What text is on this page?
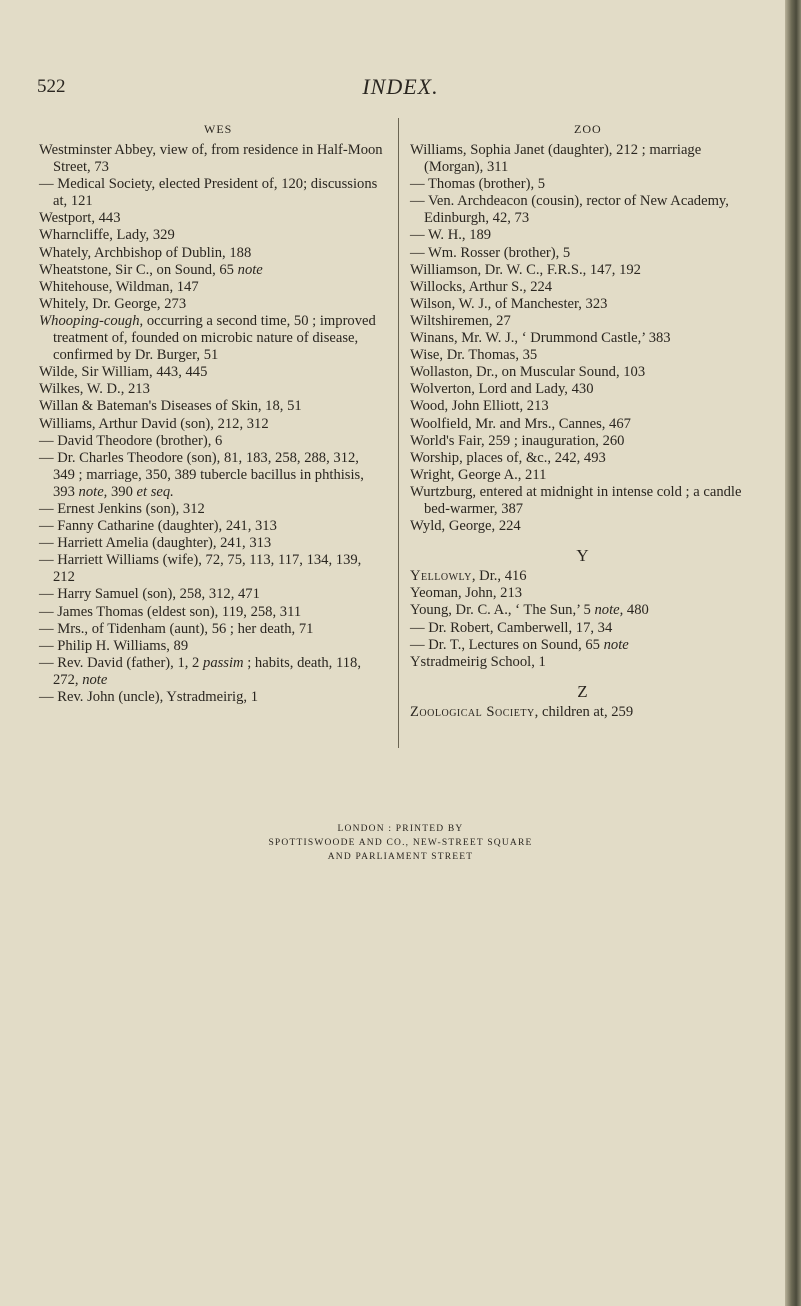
522	INDEX.
WES	ZOO

Westminster Abbey, view of, from residence in Half-Moon Street, 73

— Medical Society, elected President of, 120; discussions at, 121

Westport, 443

Wharncliffe, Lady, 329

Whately, Archbishop of Dublin, 188

Wheatstone, Sir C., on Sound, 65 note

Whitehouse, Wildman, 147

Whitely, Dr. George, 273

Whooping-cough, occurring a second time, 50 ; improved treatment of, founded on microbic nature of disease, confirmed by Dr. Burger, 51

Wilde, Sir William, 443, 445

Wilkes, W. D., 213

Willan & Bateman's Diseases of Skin, 18, 51

Williams, Arthur David (son), 212, 312

— David Theodore (brother), 6

— Dr. Charles Theodore (son), 81, 183, 258, 288, 312, 349 ; marriage, 350, 389 tubercle bacillus in phthisis, 393 note, 390 et seq.

— Ernest Jenkins (son), 312

— Fanny Catharine (daughter), 241, 313

— Harriett Amelia (daughter), 241, 313

— Harriett Williams (wife), 72, 75, 113, 117, 134, 139, 212

— Harry Samuel (son), 258, 312, 471

— James Thomas (eldest son), 119, 258, 311

— Mrs., of Tidenham (aunt), 56 ; her death, 71

— Philip H. Williams, 89

— Rev. David (father), 1, 2 passim ; habits, death, 118, 272, note

— Rev. John (uncle), Ystradmeirig, 1

Williams, Sophia Janet (daughter), 212 ; marriage (Morgan), 311

— Thomas (brother), 5

— Ven. Archdeacon (cousin), rector of New Academy, Edinburgh, 42, 73

— W. H., 189

— Wm. Rosser (brother), 5

Williamson, Dr. W. C., F.R.S., 147, 192

Willocks, Arthur S., 224

Wilson, W. J., of Manchester, 323

Wiltshiremen, 27

Winans, Mr. W. J., ‘ Drummond Castle,’ 383

Wise, Dr. Thomas, 35

Wollaston, Dr., on Muscular Sound, 103

Wolverton, Lord and Lady, 430

Wood, John Elliott, 213

Woolfield, Mr. and Mrs., Cannes, 467

World's Fair, 259 ; inauguration, 260

Worship, places of, &c., 242, 493

Wright, George A., 211

Wurtzburg, entered at midnight in intense cold ; a candle bed-warmer, 387

Wyld, George, 224

Y

Yellowly, Dr., 416

Yeoman, John, 213

Young, Dr. C. A., ‘ The Sun,’ 5 note, 480

— Dr. Robert, Camberwell, 17, 34

— Dr. T., Lectures on Sound, 65 note

Ystradmeirig School, 1

Z

Zoological Society, children at, 259

LONDON : PRINTED BY
SPOTTISWOODE AND CO., NEW-STREET SQUARE
AND PARLIAMENT STREET
